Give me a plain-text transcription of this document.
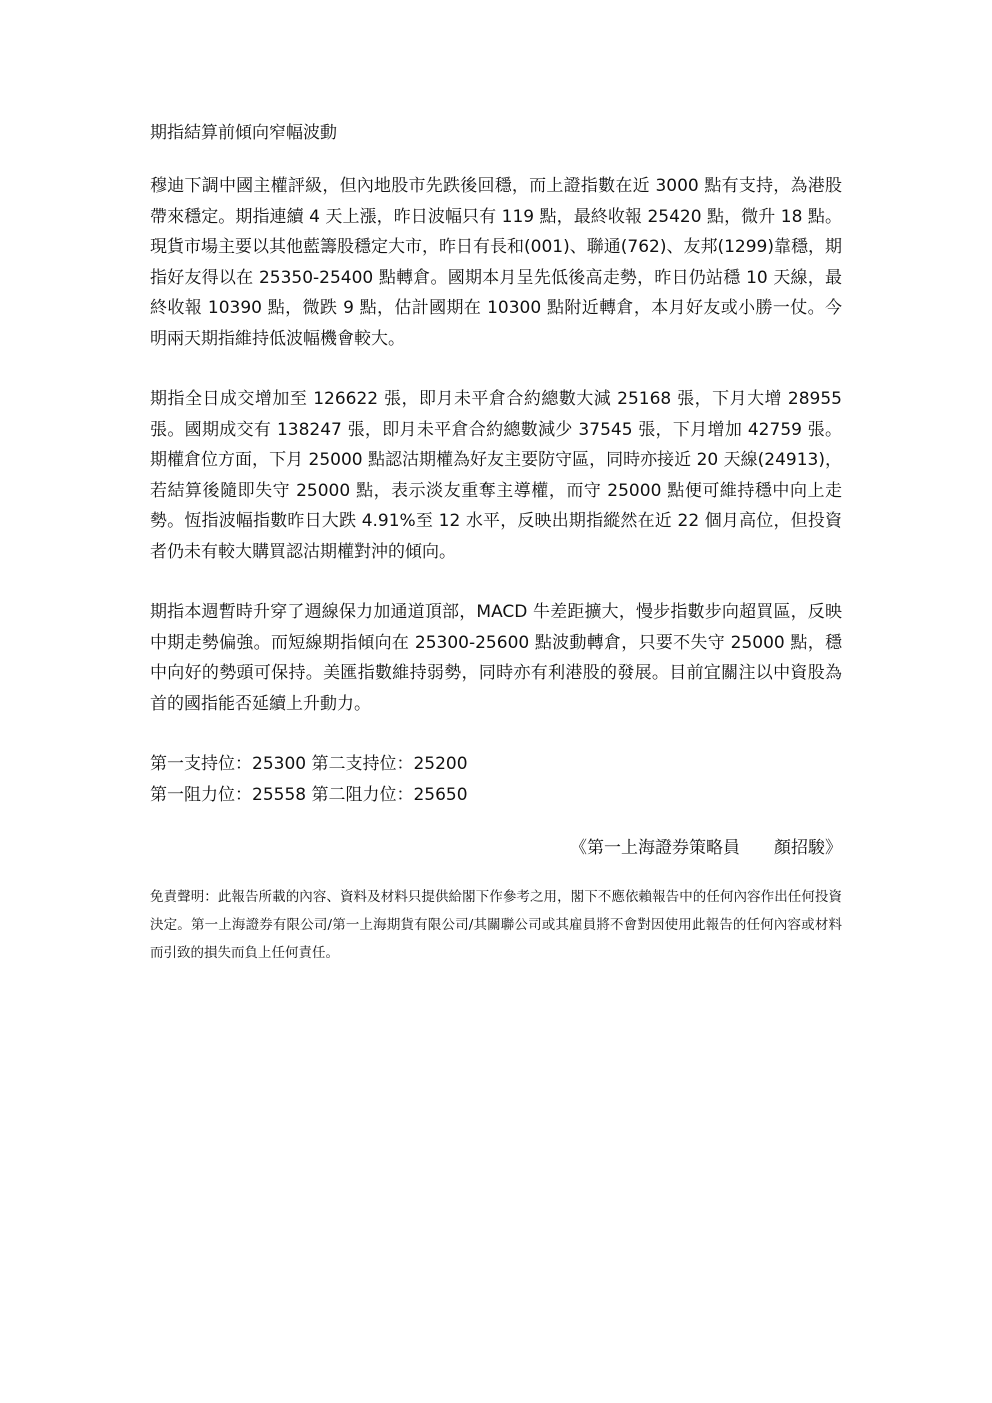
期指結算前傾向窄幅波動
穆迪下調中國主權評級，但內地股市先跌後回穩，而上證指數在近 3000 點有支持，為港股帶來穩定。期指連續 4 天上漲，昨日波幅只有 119 點，最終收報 25420 點，微升 18 點。現貨市場主要以其他藍籌股穩定大市，昨日有長和(001)、聯通(762)、友邦(1299)靠穩，期指好友得以在 25350-25400 點轉倉。國期本月呈先低後高走勢，昨日仍站穩 10 天線，最終收報 10390 點，微跌 9 點，估計國期在 10300 點附近轉倉，本月好友或小勝一仗。今明兩天期指維持低波幅機會較大。
期指全日成交增加至 126622 張，即月未平倉合約總數大減 25168 張，下月大增 28955 張。國期成交有 138247 張，即月未平倉合約總數減少 37545 張，下月增加 42759 張。期權倉位方面，下月 25000 點認沽期權為好友主要防守區，同時亦接近 20 天線(24913)，若結算後隨即失守 25000 點，表示淡友重奪主導權，而守 25000 點便可維持穩中向上走勢。恆指波幅指數昨日大跌 4.91%至 12 水平，反映出期指縱然在近 22 個月高位，但投資者仍未有較大購買認沽期權對沖的傾向。
期指本週暫時升穿了週線保力加通道頂部，MACD 牛差距擴大，慢步指數步向超買區，反映中期走勢偏強。而短線期指傾向在 25300-25600 點波動轉倉，只要不失守 25000 點，穩中向好的勢頭可保持。美匯指數維持弱勢，同時亦有利港股的發展。目前宜關注以中資股為首的國指能否延續上升動力。
第一支持位：25300 第二支持位：25200
第一阻力位：25558 第二阻力位：25650
《第一上海證券策略員　　顏招駿》
免責聲明：此報告所載的內容、資料及材料只提供給閣下作參考之用，閣下不應依賴報告中的任何內容作出任何投資決定。第一上海證券有限公司/第一上海期貨有限公司/其關聯公司或其雇員將不會對因使用此報告的任何內容或材料而引致的損失而負上任何責任。
